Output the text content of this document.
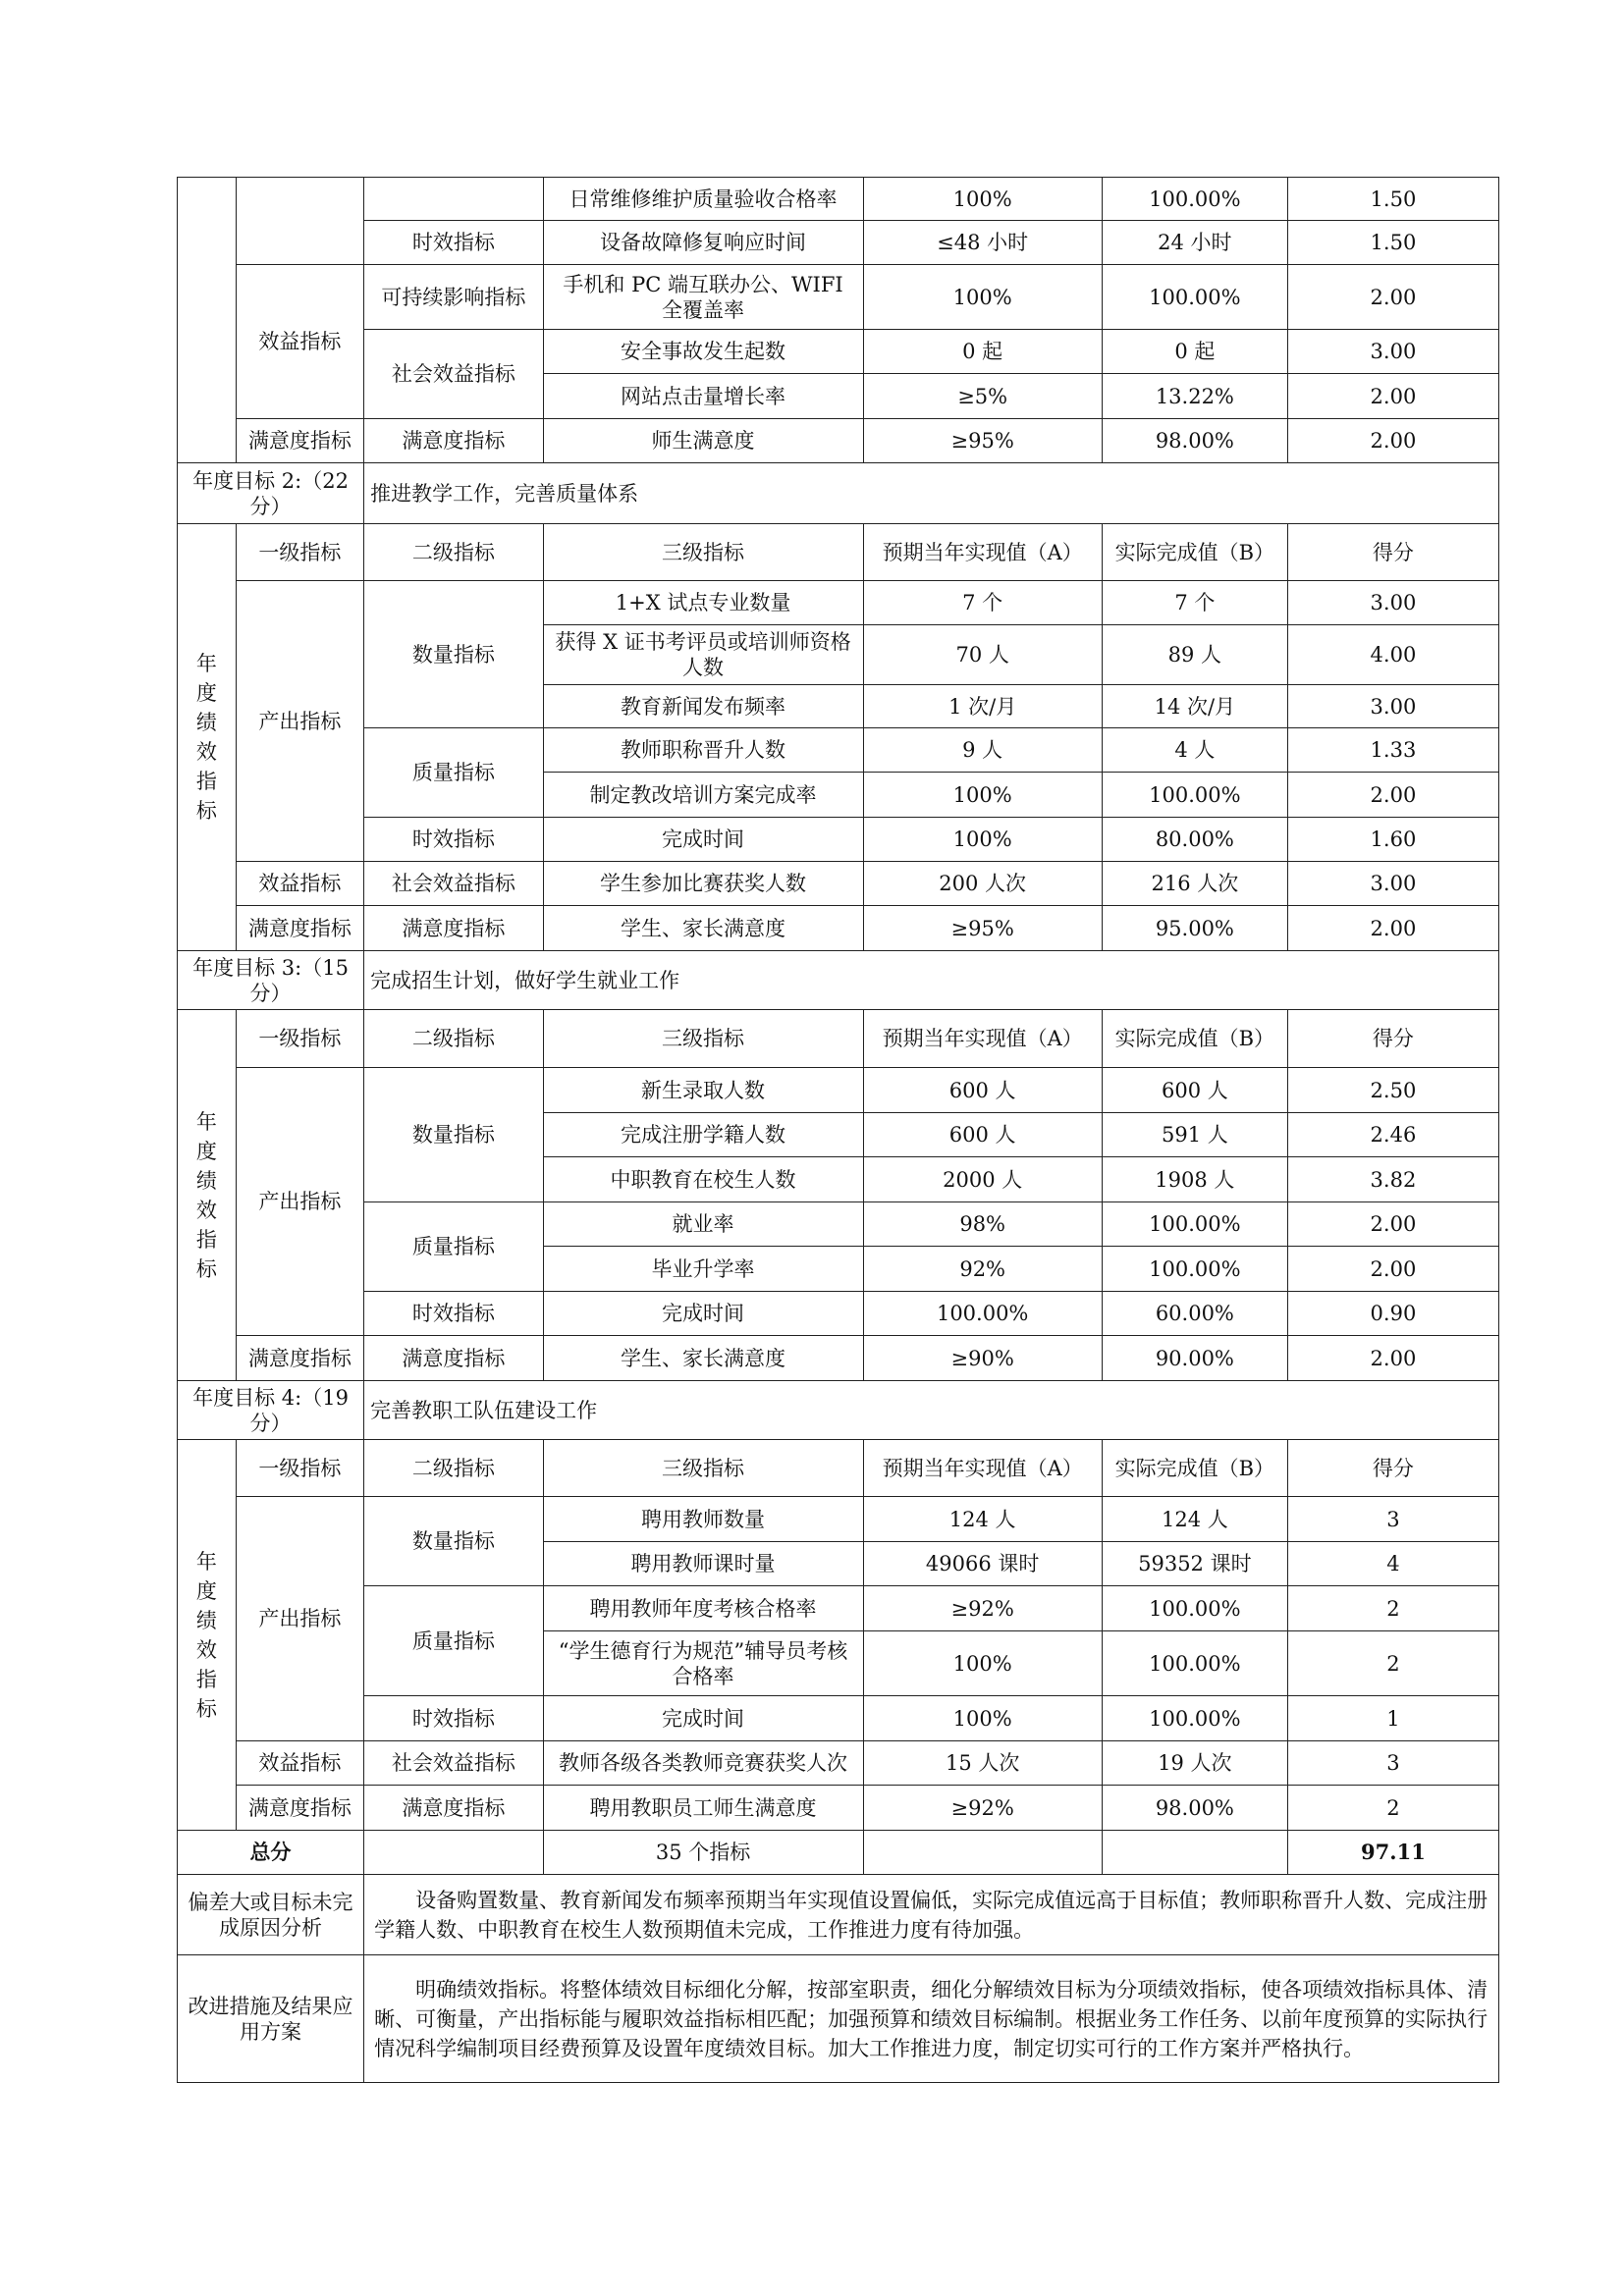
			日常维修维护质量验收合格率	100%	100.00%	1.50
		时效指标	设备故障修复响应时间	≤48 小时	24 小时	1.50
	效益指标	可持续影响指标	手机和 PC 端互联办公、WIFI 全覆盖率	100%	100.00%	2.00
		社会效益指标	安全事故发生起数	0 起	0 起	3.00
			网站点击量增长率	≥5%	13.22%	2.00
	满意度指标	满意度指标	师生满意度	≥95%	98.00%	2.00

年度目标 2:（22 分）		推进教学工作，完善质量体系				
年度绩效指标	一级指标	二级指标	三级指标	预期当年实现值（A）	实际完成值（B）	得分
	产出指标	数量指标	1+X 试点专业数量	7 个	7 个	3.00
			获得 X 证书考评员或培训师资格人数	70 人	89 人	4.00
			教育新闻发布频率	1 次/月	14 次/月	3.00
		质量指标	教师职称晋升人数	9 人	4 人	1.33
			制定教改培训方案完成率	100%	100.00%	2.00
		时效指标	完成时间	100%	80.00%	1.60
	效益指标	社会效益指标	学生参加比赛获奖人数	200 人次	216 人次	3.00
	满意度指标	满意度指标	学生、家长满意度	≥95%	95.00%	2.00
年度目标 3:（15 分）		完成招生计划，做好学生就业工作				
年度绩效指标	一级指标	二级指标	三级指标	预期当年实现值（A）	实际完成值（B）	得分
	产出指标	数量指标	新生录取人数	600 人	600 人	2.50
			完成注册学籍人数	600 人	591 人	2.46
			中职教育在校生人数	2000 人	1908 人	3.82
		质量指标	就业率	98%	100.00%	2.00
			毕业升学率	92%	100.00%	2.00
		时效指标	完成时间	100.00%	60.00%	0.90
	满意度指标	满意度指标	学生、家长满意度	≥90%	90.00%	2.00
年度目标 4:（19 分）		完善教职工队伍建设工作				
年度绩效指标	一级指标	二级指标	三级指标	预期当年实现值（A）	实际完成值（B）	得分
	产出指标	数量指标	聘用教师数量	124 人	124 人	3
			聘用教师课时量	49066 课时	59352 课时	4
		质量指标	聘用教师年度考核合格率	≥92%	100.00%	2
			“学生德育行为规范”辅导员考核合格率	100%	100.00%	2
		时效指标	完成时间	100%	100.00%	1
	效益指标	社会效益指标	教师各级各类教师竞赛获奖人次	15 人次	19 人次	3
	满意度指标	满意度指标	聘用教职员工师生满意度	≥92%	98.00%	2
总分			35 个指标			97.11
偏差大或目标未完成原因分析		设备购置数量、教育新闻发布频率预期当年实现值设置偏低，实际完成值远高于目标值；教师职称晋升人数、完成注册学籍人数、中职教育在校生人数预期值未完成，工作推进力度有待加强。				
改进措施及结果应用方案		明确绩效指标。将整体绩效目标细化分解，按部室职责，细化分解绩效目标为分项绩效指标，使各项绩效指标具体、清晰、可衡量，产出指标能与履职效益指标相匹配；加强预算和绩效目标编制。根据业务工作任务、以前年度预算的实际执行情况科学编制项目经费预算及设置年度绩效目标。加大工作推进力度，制定切实可行的工作方案并严格执行。				
